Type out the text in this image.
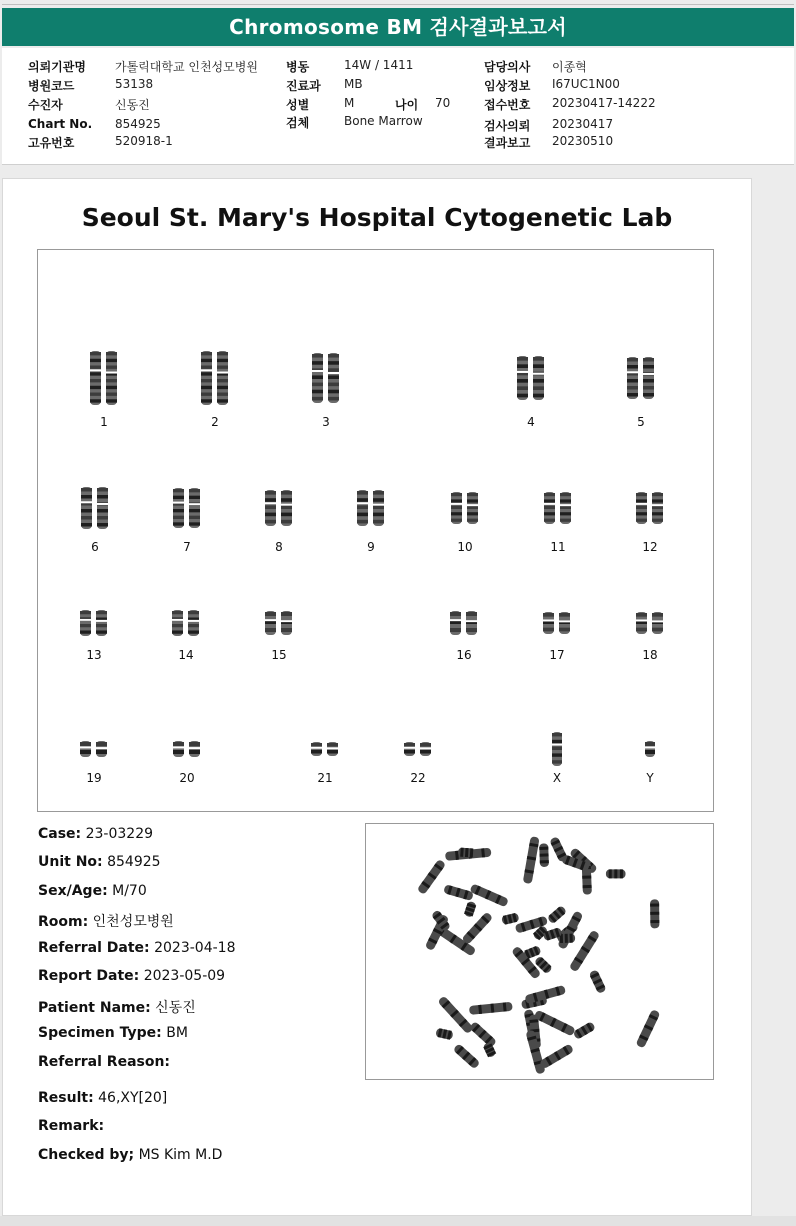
Chromosome BM 검사결과보고서
의뢰기관명 가톨릭대학교 인천성모병원
병원코드	53138
수진자	신동진
Chart No. 854925
고유번호	520918-1
병동	14W / 1411
진료과 MB
성별	M	나이 70
검체	Bone Marrow
담당의사 이종혁
임상정보 I67UC1N00
접수번호 20230417-14222
검사의뢰 20230417
결과보고 20230510
Seoul St. Mary's Hospital Cytogenetic Lab
1	2	3	4	5
6	7	8	9	10	11	12
13	14	15	16	17	18
19	20	21	22	X	Y
Case: 23-03229
Unit No: 854925
Sex/Age: M/70
Room: 인천성모병원
Referral Date: 2023-04-18
Report Date: 2023-05-09
Patient Name: 신동진
Specimen Type: BM
Referral Reason:
Result: 46,XY[20]
Remark:
Checked by; MS Kim M.D
